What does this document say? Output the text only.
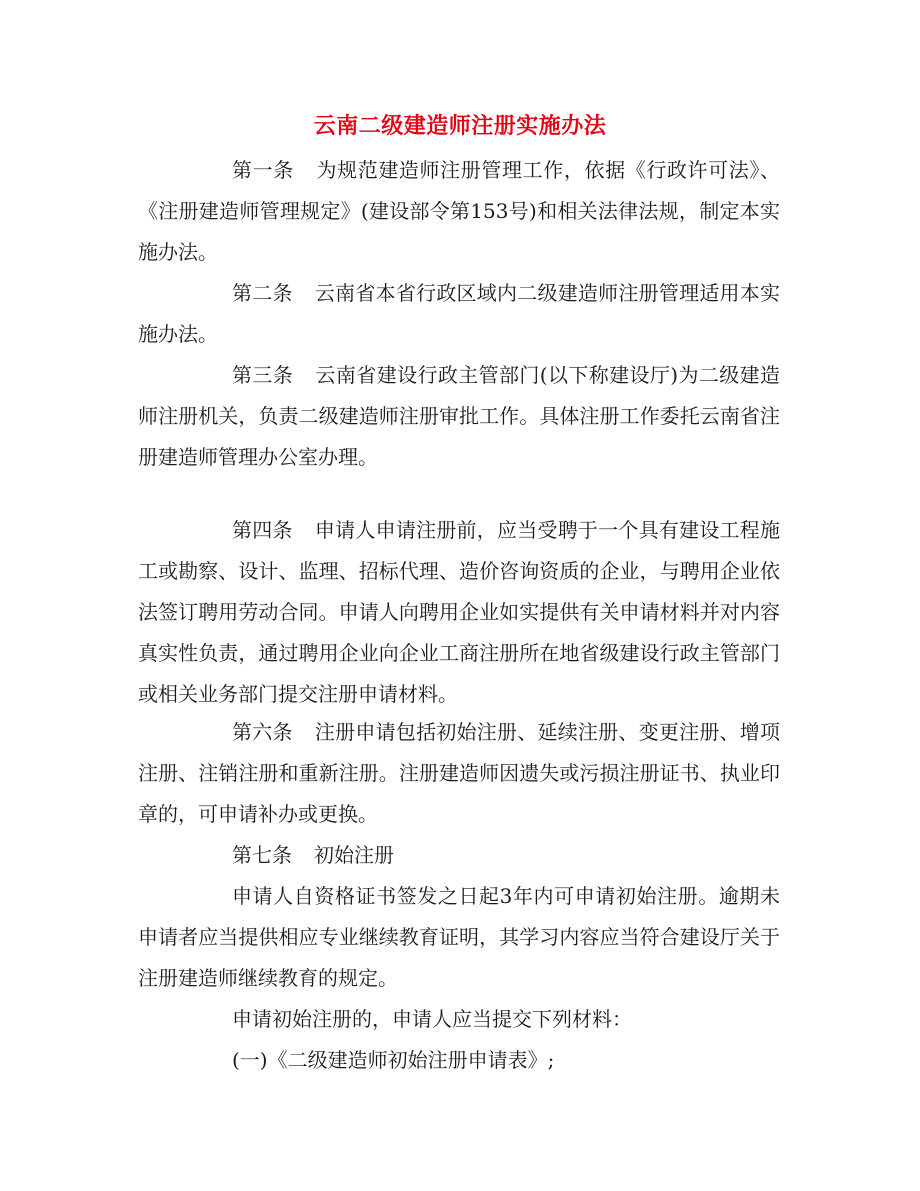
云南二级建造师注册实施办法

第一条 为规范建造师注册管理工作，依据《行政许可法》、《注册建造师管理规定》(建设部令第153号)和相关法律法规，制定本实施办法。

第二条 云南省本省行政区域内二级建造师注册管理适用本实施办法。

第三条 云南省建设行政主管部门(以下称建设厅)为二级建造师注册机关，负责二级建造师注册审批工作。具体注册工作委托云南省注册建造师管理办公室办理。

第四条 申请人申请注册前，应当受聘于一个具有建设工程施工或勘察、设计、监理、招标代理、造价咨询资质的企业，与聘用企业依法签订聘用劳动合同。申请人向聘用企业如实提供有关申请材料并对内容真实性负责，通过聘用企业向企业工商注册所在地省级建设行政主管部门或相关业务部门提交注册申请材料。

第六条 注册申请包括初始注册、延续注册、变更注册、增项注册、注销注册和重新注册。注册建造师因遗失或污损注册证书、执业印章的，可申请补办或更换。

第七条 初始注册

申请人自资格证书签发之日起3年内可申请初始注册。逾期未申请者应当提供相应专业继续教育证明，其学习内容应当符合建设厅关于注册建造师继续教育的规定。

申请初始注册的，申请人应当提交下列材料：

(一)《二级建造师初始注册申请表》;
